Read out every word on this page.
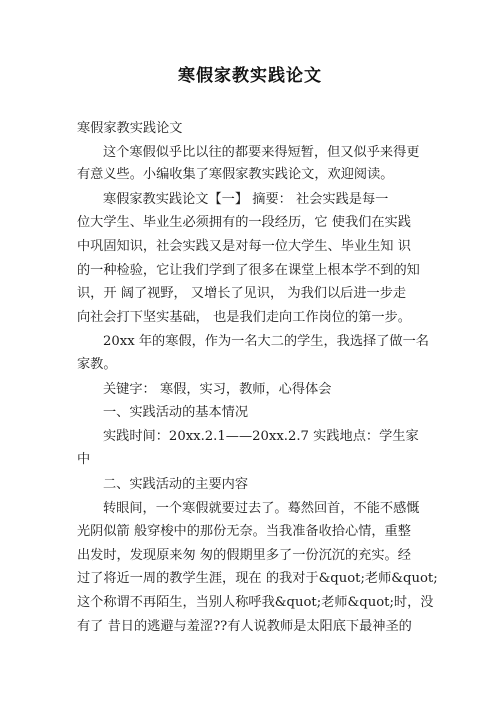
寒假家教实践论文
寒假家教实践论文
这个寒假似乎比以往的都要来得短暂，但又似乎来得更
有意义些。小编收集了寒假家教实践论文，欢迎阅读。
寒假家教实践论文【一】 摘要： 社会实践是每一
位大学生、毕业生必须拥有的一段经历，它 使我们在实践
中巩固知识，社会实践又是对每一位大学生、毕业生知 识
的一种检验，它让我们学到了很多在课堂上根本学不到的知
识，开 阔了视野， 又增长了见识， 为我们以后进一步走
向社会打下坚实基础， 也是我们走向工作岗位的第一步。
20xx 年的寒假，作为一名大二的学生，我选择了做一名
家教。
关键字： 寒假，实习，教师，心得体会
一、实践活动的基本情况
实践时间：20xx.2.1——20xx.2.7 实践地点：学生家
中
二、实践活动的主要内容
转眼间，一个寒假就要过去了。蓦然回首，不能不感慨
光阴似箭 般穿梭中的那份无奈。当我准备收拾心情，重整
出发时，发现原来匆 匆的假期里多了一份沉沉的充实。经
过了将近一周的教学生涯，现在 的我对于&quot;老师&quot;
这个称谓不再陌生，当别人称呼我&quot;老师&quot;时，没
有了 昔日的逃避与羞涩??有人说教师是太阳底下最神圣的
